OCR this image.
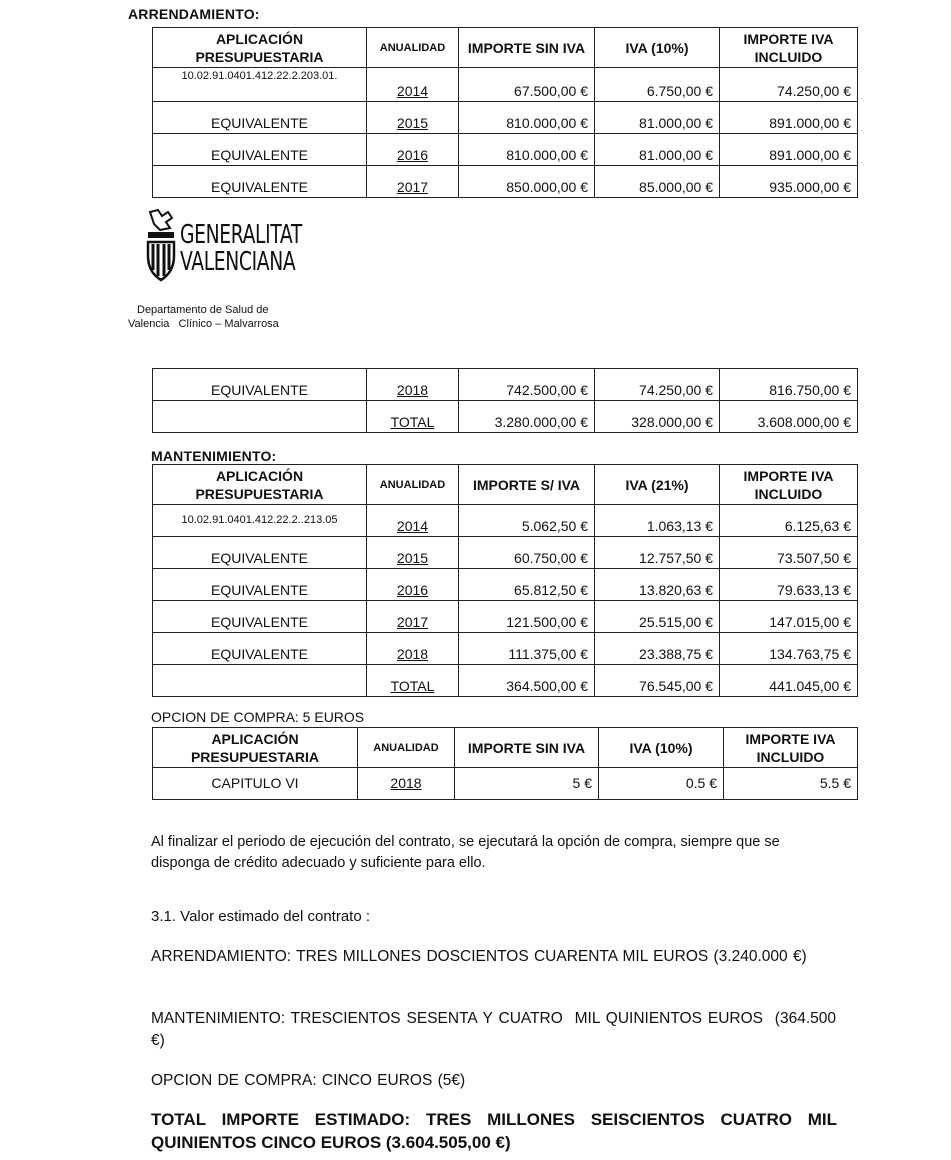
ARRENDAMIENTO:
APLICACIÓN PRESUPUESTARIA	ANUALIDAD	IMPORTE SIN IVA	IVA (10%)	IMPORTE IVA INCLUIDO
10.02.91.0401.412.22.2.203.01.	2014	67.500,00 €	6.750,00 €	74.250,00 €
EQUIVALENTE	2015	810.000,00 €	81.000,00 €	891.000,00 €
EQUIVALENTE	2016	810.000,00 €	81.000,00 €	891.000,00 €
EQUIVALENTE	2017	850.000,00 €	85.000,00 €	935.000,00 €
GENERALITAT
VALENCIANA
Departamento de Salud de
Valencia   Clínico – Malvarrosa
EQUIVALENTE	2018	742.500,00 €	74.250,00 €	816.750,00 €
	TOTAL	3.280.000,00 €	328.000,00 €	3.608.000,00 €
MANTENIMIENTO:
APLICACIÓN PRESUPUESTARIA	ANUALIDAD	IMPORTE S/ IVA	IVA (21%)	IMPORTE IVA INCLUIDO
10.02.91.0401.412.22.2..213.05	2014	5.062,50 €	1.063,13 €	6.125,63 €
EQUIVALENTE	2015	60.750,00 €	12.757,50 €	73.507,50 €
EQUIVALENTE	2016	65.812,50 €	13.820,63 €	79.633,13 €
EQUIVALENTE	2017	121.500,00 €	25.515,00 €	147.015,00 €
EQUIVALENTE	2018	111.375,00 €	23.388,75 €	134.763,75 €
	TOTAL	364.500,00 €	76.545,00 €	441.045,00 €
OPCION DE COMPRA: 5 EUROS
APLICACIÓN PRESUPUESTARIA	ANUALIDAD	IMPORTE SIN IVA	IVA (10%)	IMPORTE IVA INCLUIDO
CAPITULO VI	2018	5 €	0.5 €	5.5 €
Al finalizar el periodo de ejecución del contrato, se ejecutará la opción de compra, siempre que se disponga de crédito adecuado y suficiente para ello.
3.1. Valor estimado del contrato :
ARRENDAMIENTO: TRES MILLONES DOSCIENTOS CUARENTA MIL EUROS (3.240.000 €)
MANTENIMIENTO: TRESCIENTOS SESENTA Y CUATRO  MIL QUINIENTOS EUROS  (364.500 €)
OPCION DE COMPRA: CINCO EUROS (5€)
TOTAL IMPORTE ESTIMADO: TRES MILLONES SEISCIENTOS CUATRO MIL QUINIENTOS CINCO EUROS (3.604.505,00 €)
